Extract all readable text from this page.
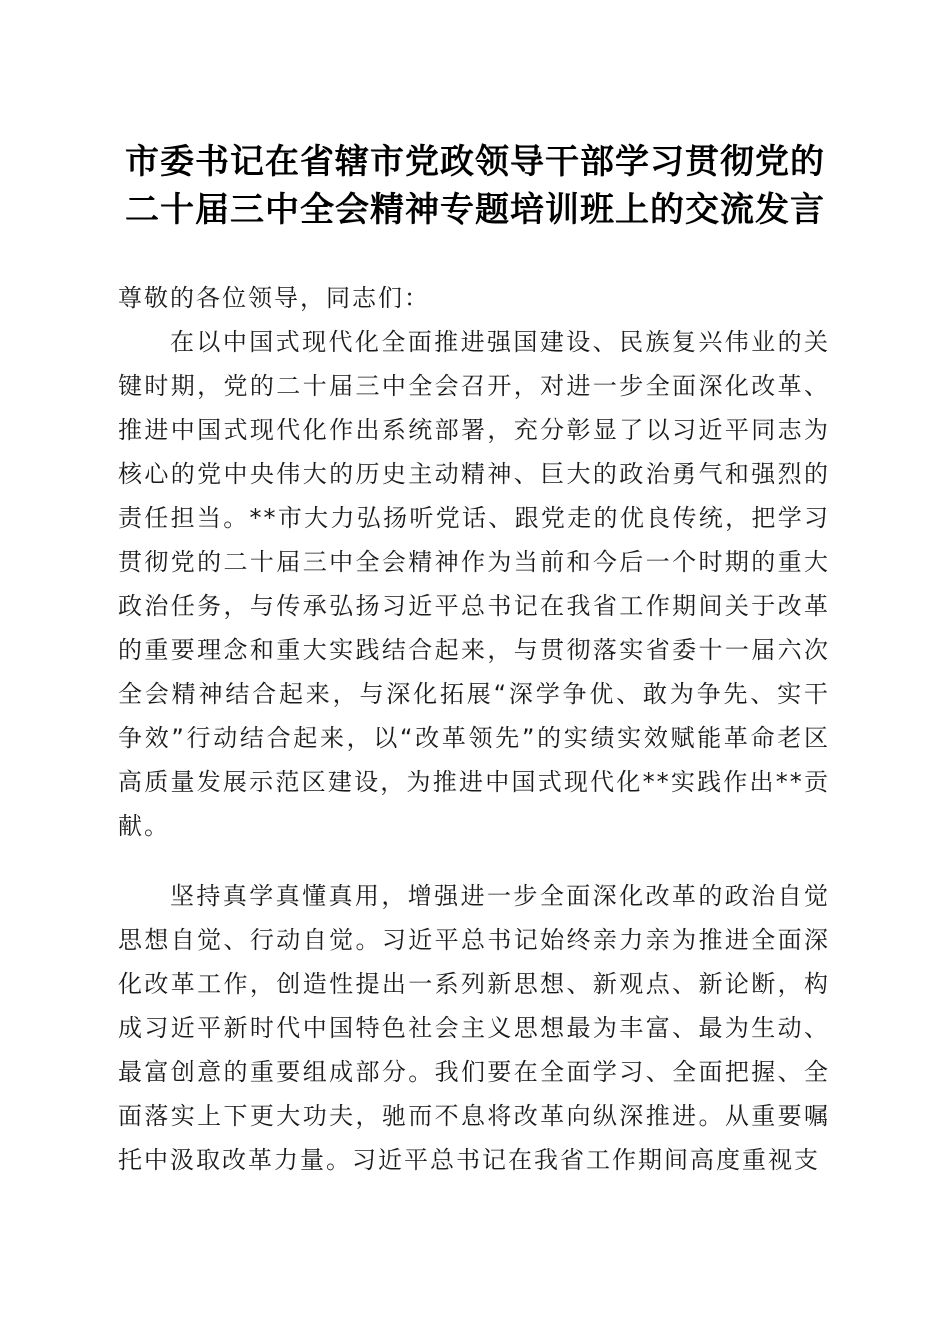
市委书记在省辖市党政领导干部学习贯彻党的
二十届三中全会精神专题培训班上的交流发言

尊敬的各位领导，同志们：

在以中国式现代化全面推进强国建设、民族复兴伟业的关键时期，党的二十届三中全会召开，对进一步全面深化改革、推进中国式现代化作出系统部署，充分彰显了以习近平同志为核心的党中央伟大的历史主动精神、巨大的政治勇气和强烈的责任担当。**市大力弘扬听党话、跟党走的优良传统，把学习贯彻党的二十届三中全会精神作为当前和今后一个时期的重大政治任务，与传承弘扬习近平总书记在我省工作期间关于改革的重要理念和重大实践结合起来，与贯彻落实省委十一届六次全会精神结合起来，与深化拓展“深学争优、敢为争先、实干争效”行动结合起来，以“改革领先”的实绩实效赋能革命老区高质量发展示范区建设，为推进中国式现代化**实践作出**贡献。

坚持真学真懂真用，增强进一步全面深化改革的政治自觉思想自觉、行动自觉。习近平总书记始终亲力亲为推进全面深化改革工作，创造性提出一系列新思想、新观点、新论断，构成习近平新时代中国特色社会主义思想最为丰富、最为生动、最富创意的重要组成部分。我们要在全面学习、全面把握、全面落实上下更大功夫，驰而不息将改革向纵深推进。从重要嘱托中汲取改革力量。习近平总书记在我省工作期间高度重视支
